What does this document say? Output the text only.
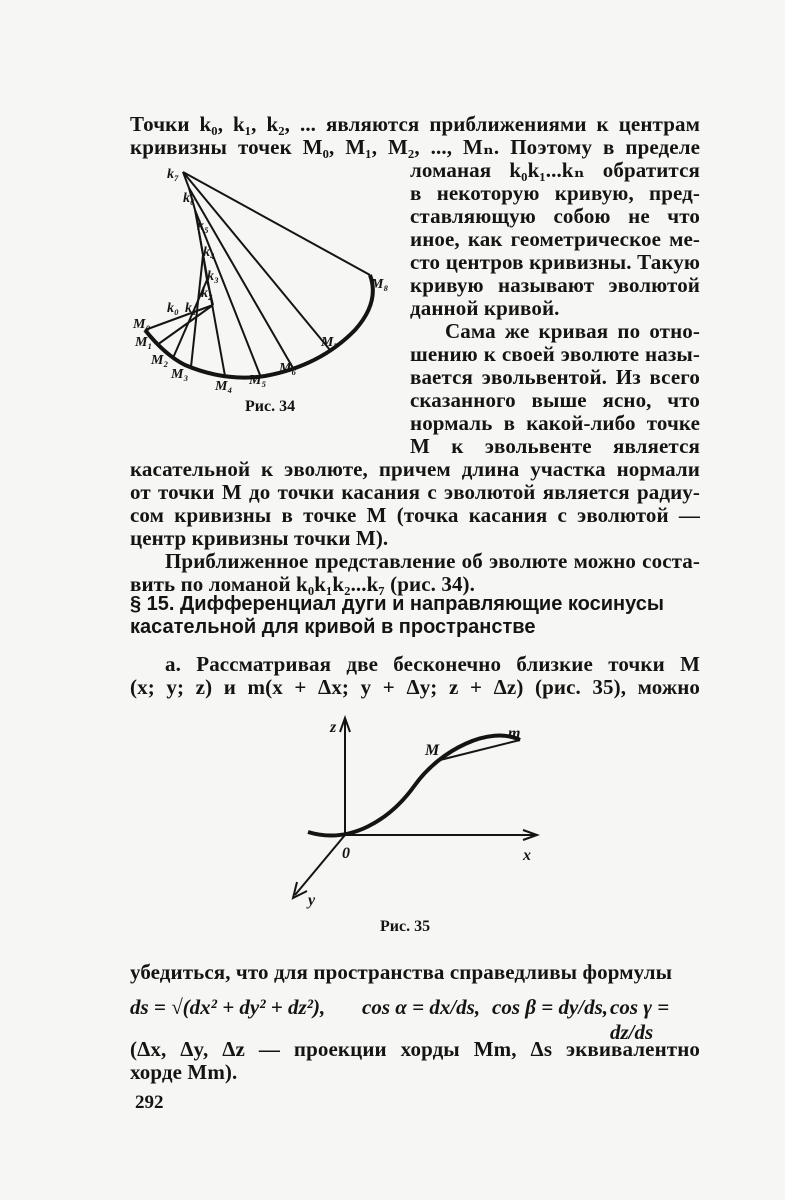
Точки k₀, k₁, k₂, ... являются приближениями к центрам
кривизны точек M₀, M₁, M₂, ..., Mₙ. Поэтому в пределе
ломаная k₀k₁...kₙ обратится
в некоторую кривую, пред-
ставляющую собою не что
иное, как геометрическое ме-
сто центров кривизны. Такую
кривую называют эволютой
данной кривой.
Сама же кривая по отно-
шению к своей эволюте назы-
вается эвольвентой. Из всего
сказанного выше ясно, что
нормаль в какой-либо точке
M к эвольвенте является
касательной к эволюте, причем длина участка нормали
от точки M до точки касания с эволютой является радиу-
сом кривизны в точке M (точка касания с эволютой —
центр кривизны точки M).
Приближенное представление об эволюте можно соста-
вить по ломаной k₀k₁k₂...k₇ (рис. 34).
k₇
k₆
k₅
k₄
k₃
k₂
k₁
k₀
M₀
M₁
M₂
M₃
M₄ M₅
M₆
M₇
M₈
Рис. 34
§ 15. Дифференциал дуги и направляющие косинусы
касательной для кривой в пространстве
а. Рассматривая две бесконечно близкие точки M
(x; y; z) и m(x + Δx; y + Δy; z + Δz) (рис. 35), можно
z
x
y
0
M
m
Рис. 35
убедиться, что для пространства справедливы формулы
ds = √(dx² + dy² + dz²), cos α = dx/ds, cos β = dy/ds, cos γ = dz/ds
(Δx, Δy, Δz — проекции хорды Mm, Δs эквивалентно
хорде Mm).
292
